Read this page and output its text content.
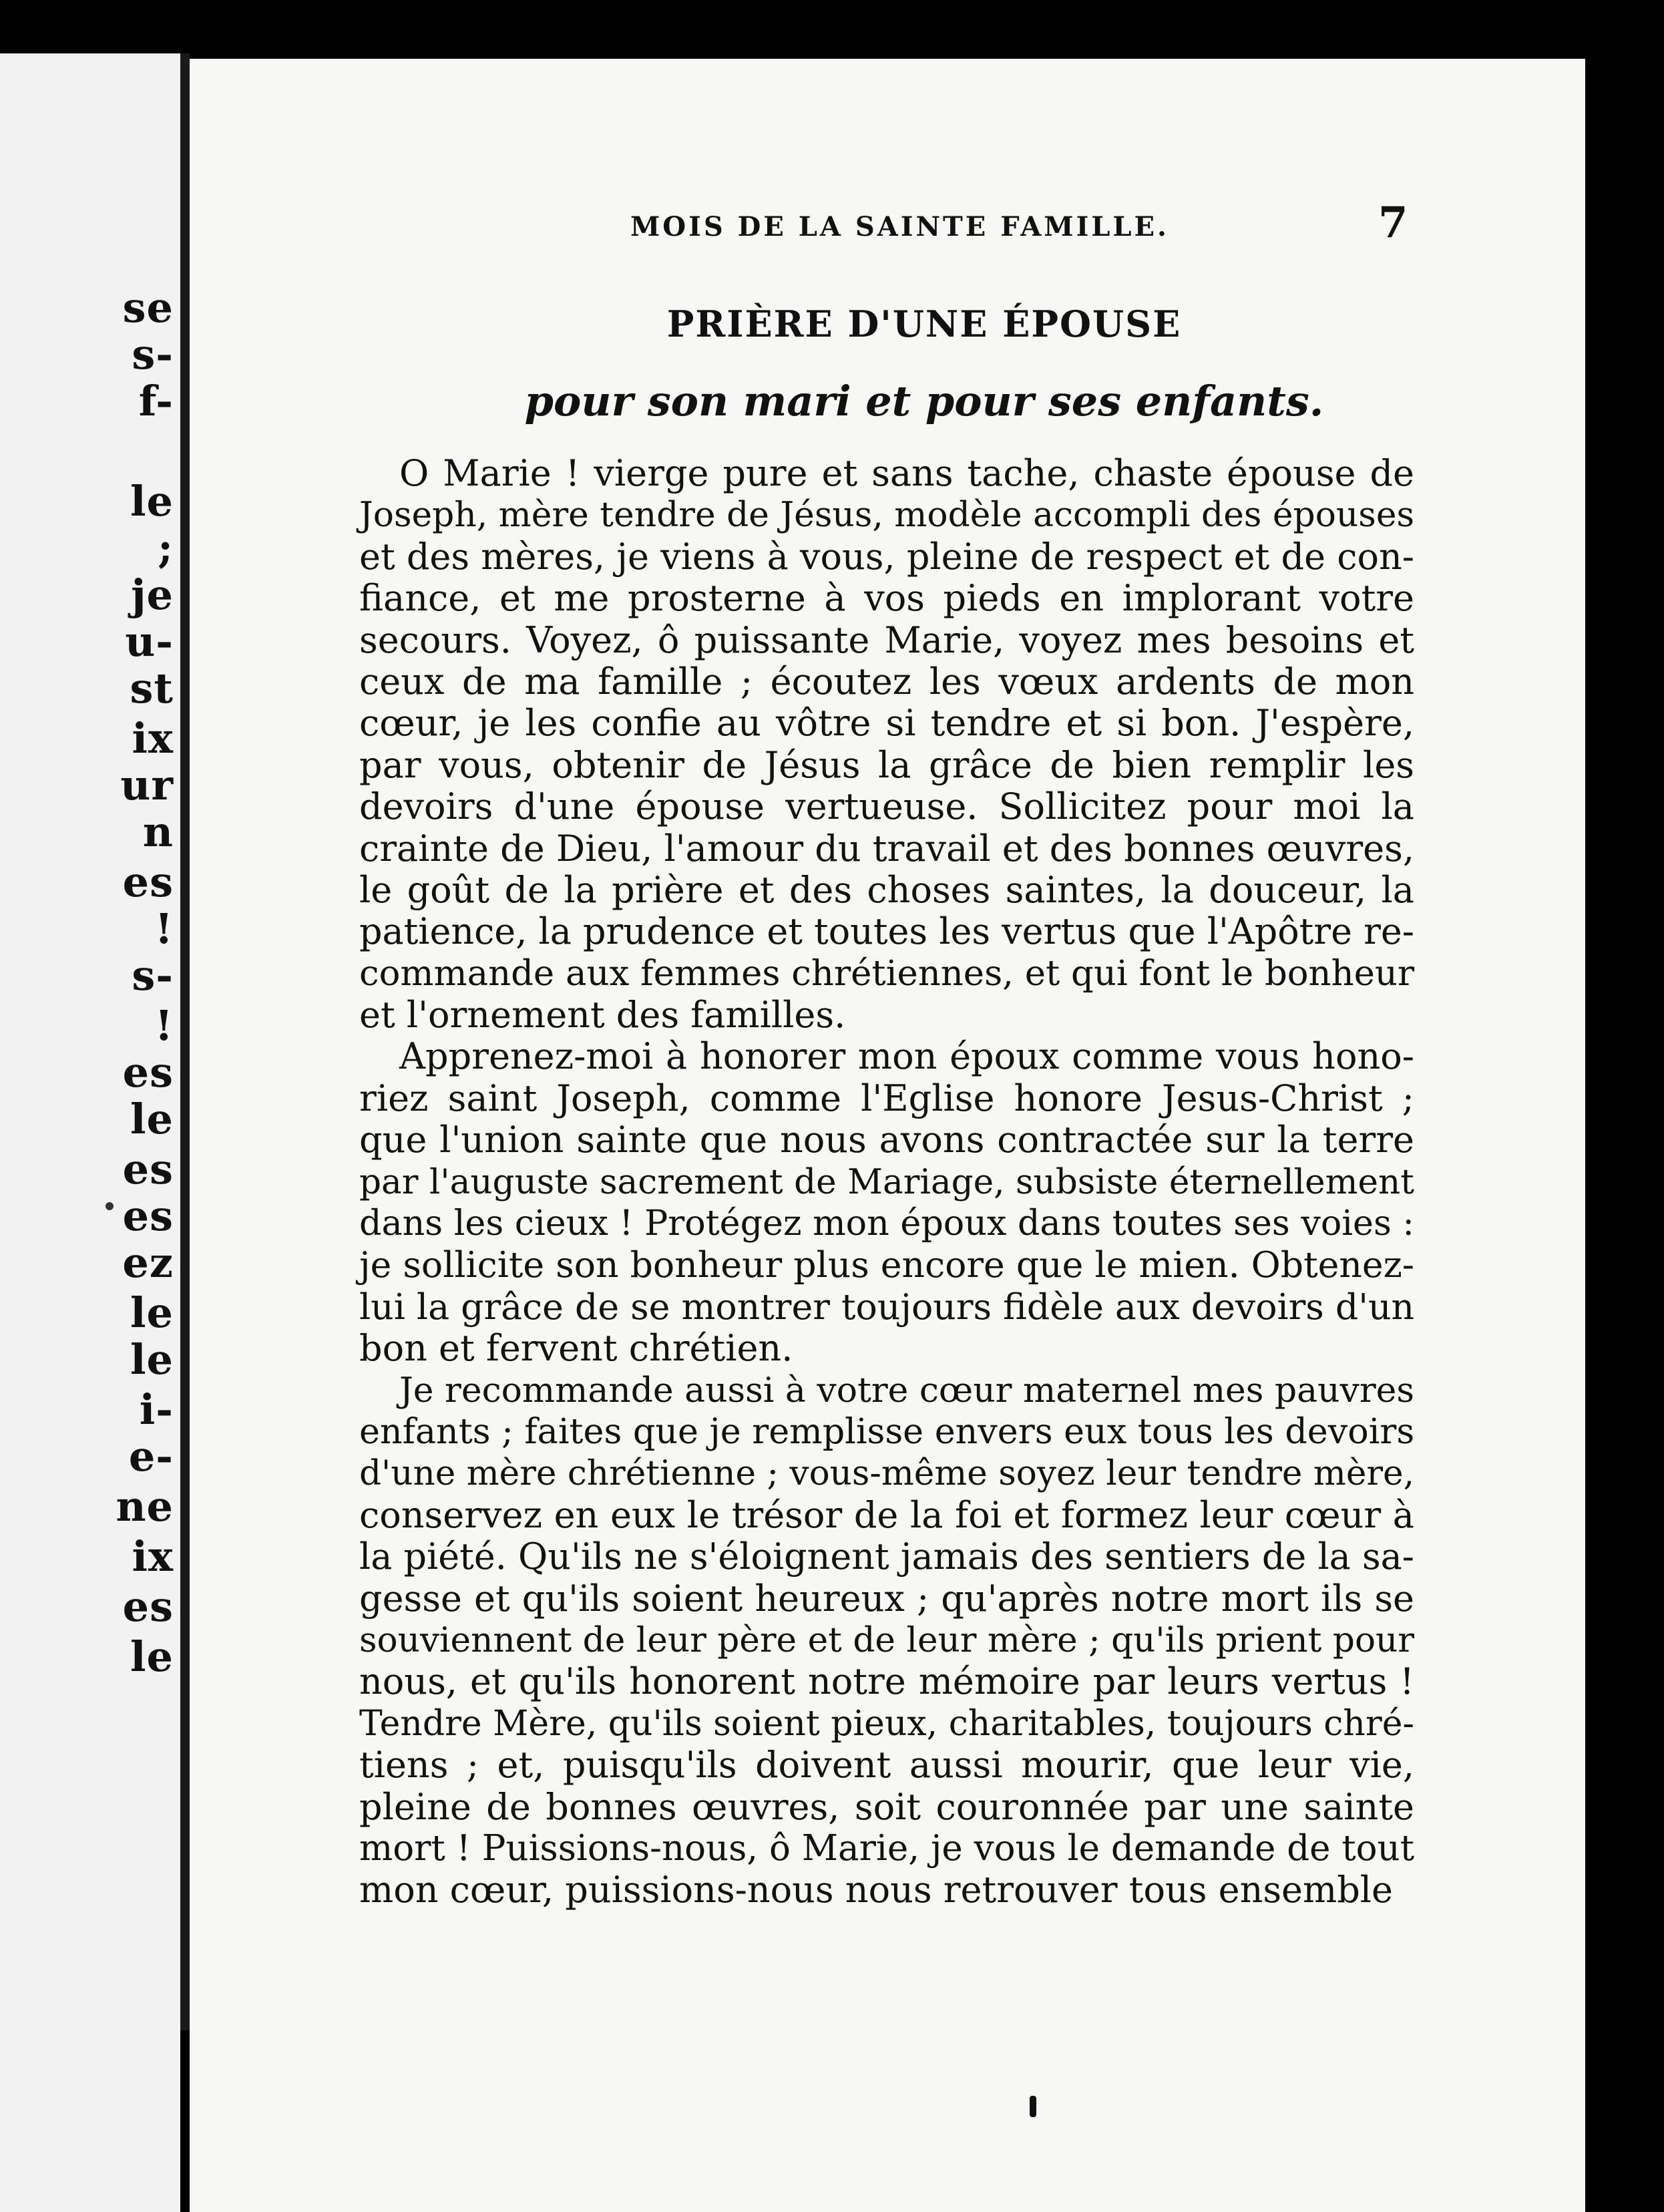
se
s-
f-
le
;
je
u-
st
ix
ur
n
es
!
s-
!
es
le
es
es
ez
le
le
i-
e-
ne
ix
es
le
MOIS DE LA SAINTE FAMILLE.	7
PRIÈRE D'UNE ÉPOUSE
pour son mari et pour ses enfants.
O Marie ! vierge pure et sans tache, chaste épouse de
Joseph, mère tendre de Jésus, modèle accompli des épouses
et des mères, je viens à vous, pleine de respect et de con-
fiance, et me prosterne à vos pieds en implorant votre
secours. Voyez, ô puissante Marie, voyez mes besoins et
ceux de ma famille ; écoutez les vœux ardents de mon
cœur, je les confie au vôtre si tendre et si bon. J'espère,
par vous, obtenir de Jésus la grâce de bien remplir les
devoirs d'une épouse vertueuse. Sollicitez pour moi la
crainte de Dieu, l'amour du travail et des bonnes œuvres,
le goût de la prière et des choses saintes, la douceur, la
patience, la prudence et toutes les vertus que l'Apôtre re-
commande aux femmes chrétiennes, et qui font le bonheur
et l'ornement des familles.
Apprenez-moi à honorer mon époux comme vous hono-
riez saint Joseph, comme l'Eglise honore Jesus-Christ ;
que l'union sainte que nous avons contractée sur la terre
par l'auguste sacrement de Mariage, subsiste éternellement
dans les cieux ! Protégez mon époux dans toutes ses voies :
je sollicite son bonheur plus encore que le mien. Obtenez-
lui la grâce de se montrer toujours fidèle aux devoirs d'un
bon et fervent chrétien.
Je recommande aussi à votre cœur maternel mes pauvres
enfants ; faites que je remplisse envers eux tous les devoirs
d'une mère chrétienne ; vous-même soyez leur tendre mère,
conservez en eux le trésor de la foi et formez leur cœur à
la piété. Qu'ils ne s'éloignent jamais des sentiers de la sa-
gesse et qu'ils soient heureux ; qu'après notre mort ils se
souviennent de leur père et de leur mère ; qu'ils prient pour
nous, et qu'ils honorent notre mémoire par leurs vertus !
Tendre Mère, qu'ils soient pieux, charitables, toujours chré-
tiens ; et, puisqu'ils doivent aussi mourir, que leur vie,
pleine de bonnes œuvres, soit couronnée par une sainte
mort ! Puissions-nous, ô Marie, je vous le demande de tout
mon cœur, puissions-nous nous retrouver tous ensemble
